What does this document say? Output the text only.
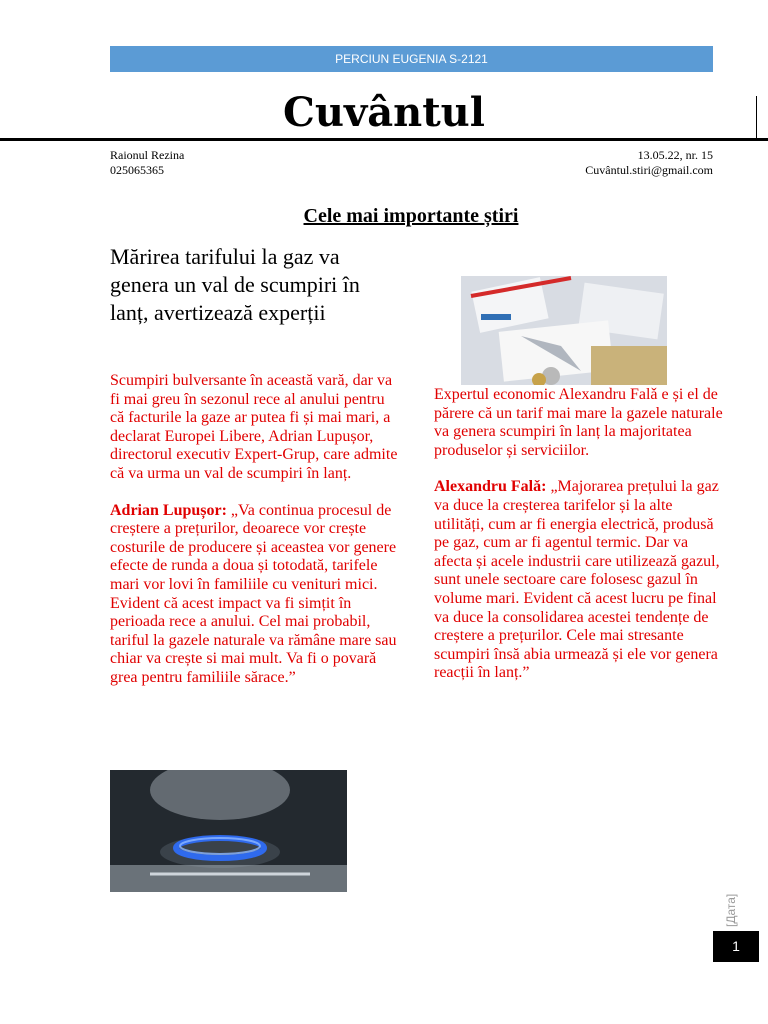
PERCIUN EUGENIA S-2121
Cuvântul
Raionul Rezina
025065365
13.05.22, nr. 15
Cuvântul.stiri@gmail.com
Cele mai importante știri
Mărirea tarifului la gaz va genera un val de scumpiri în lanț, avertizează experții

Scumpiri bulversante în această vară, dar va fi mai greu în sezonul rece al anului pentru că facturile la gaze ar putea fi și mai mari, a declarat Europei Libere, Adrian Lupușor, directorul executiv Expert-Grup, care admite că va urma un val de scumpiri în lanț.

Adrian Lupușor: „Va continua procesul de creștere a prețurilor, deoarece vor crește costurile de producere și aceastea vor genere efecte de runda a doua și totodată, tarifele mari vor lovi în familiile cu venituri mici. Evident că acest impact va fi simțit în perioada rece a anului. Cel mai probabil, tariful la gazele naturale va rămâne mare sau chiar va crește si mai mult. Va fi o povară grea pentru familiile sărace.”

Expertul economic Alexandru Falǎ e și el de părere că un tarif mai mare la gazele naturale va genera scumpiri în lanț la majoritatea produselor și serviciilor.

Alexandru Falǎ: „Majorarea prețului la gaz va duce la creșterea tarifelor și la alte utilități, cum ar fi energia electrică, produsă pe gaz, cum ar fi agentul termic. Dar va afecta și acele industrii care utilizează gazul, sunt unele sectoare care folosesc gazul în volume mari. Evident că acest lucru pe final va duce la consolidarea acestei tendențe de creștere a prețurilor. Cele mai stresante scumpiri însă abia urmează și ele vor genera reacții în lanț.”

[Дата]
1
